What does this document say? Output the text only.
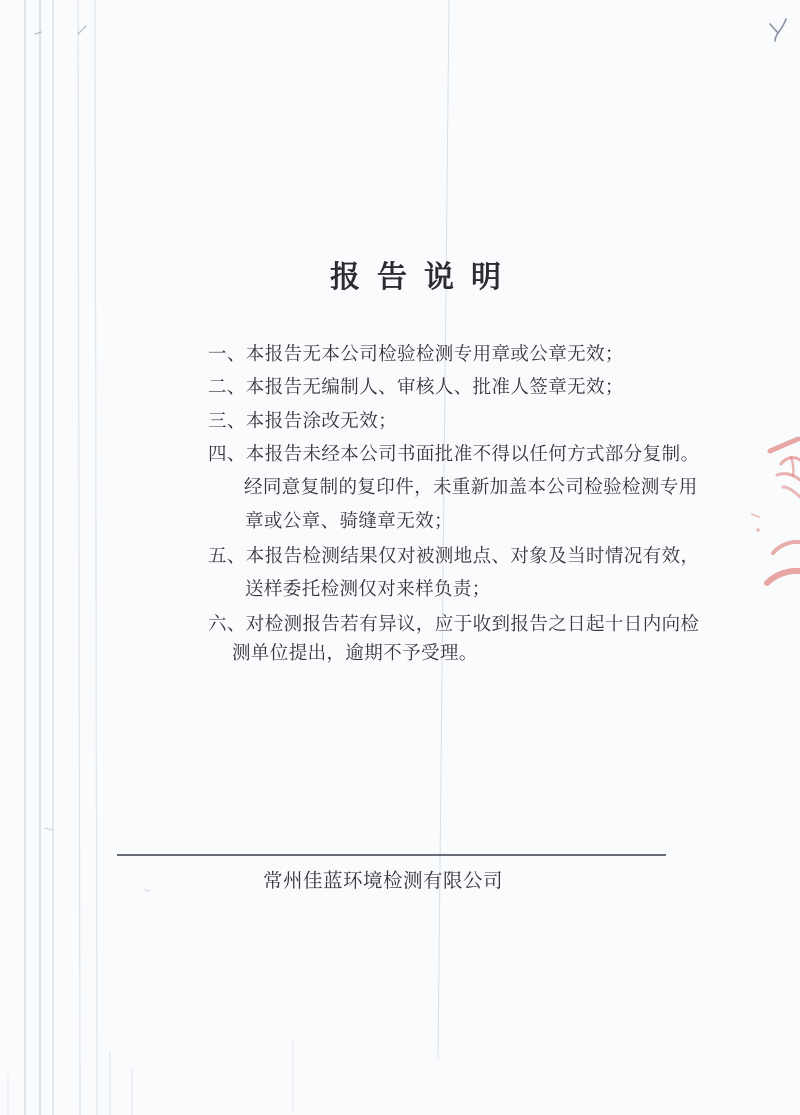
报告说明

一、本报告无本公司检验检测专用章或公章无效；

二、本报告无编制人、审核人、批准人签章无效；

三、本报告涂改无效；

四、本报告未经本公司书面批准不得以任何方式部分复制。

经同意复制的复印件，未重新加盖本公司检验检测专用

章或公章、骑缝章无效；

五、本报告检测结果仅对被测地点、对象及当时情况有效，

送样委托检测仅对来样负责；

六、对检测报告若有异议，应于收到报告之日起十日内向检

测单位提出，逾期不予受理。

常州佳蓝环境检测有限公司
